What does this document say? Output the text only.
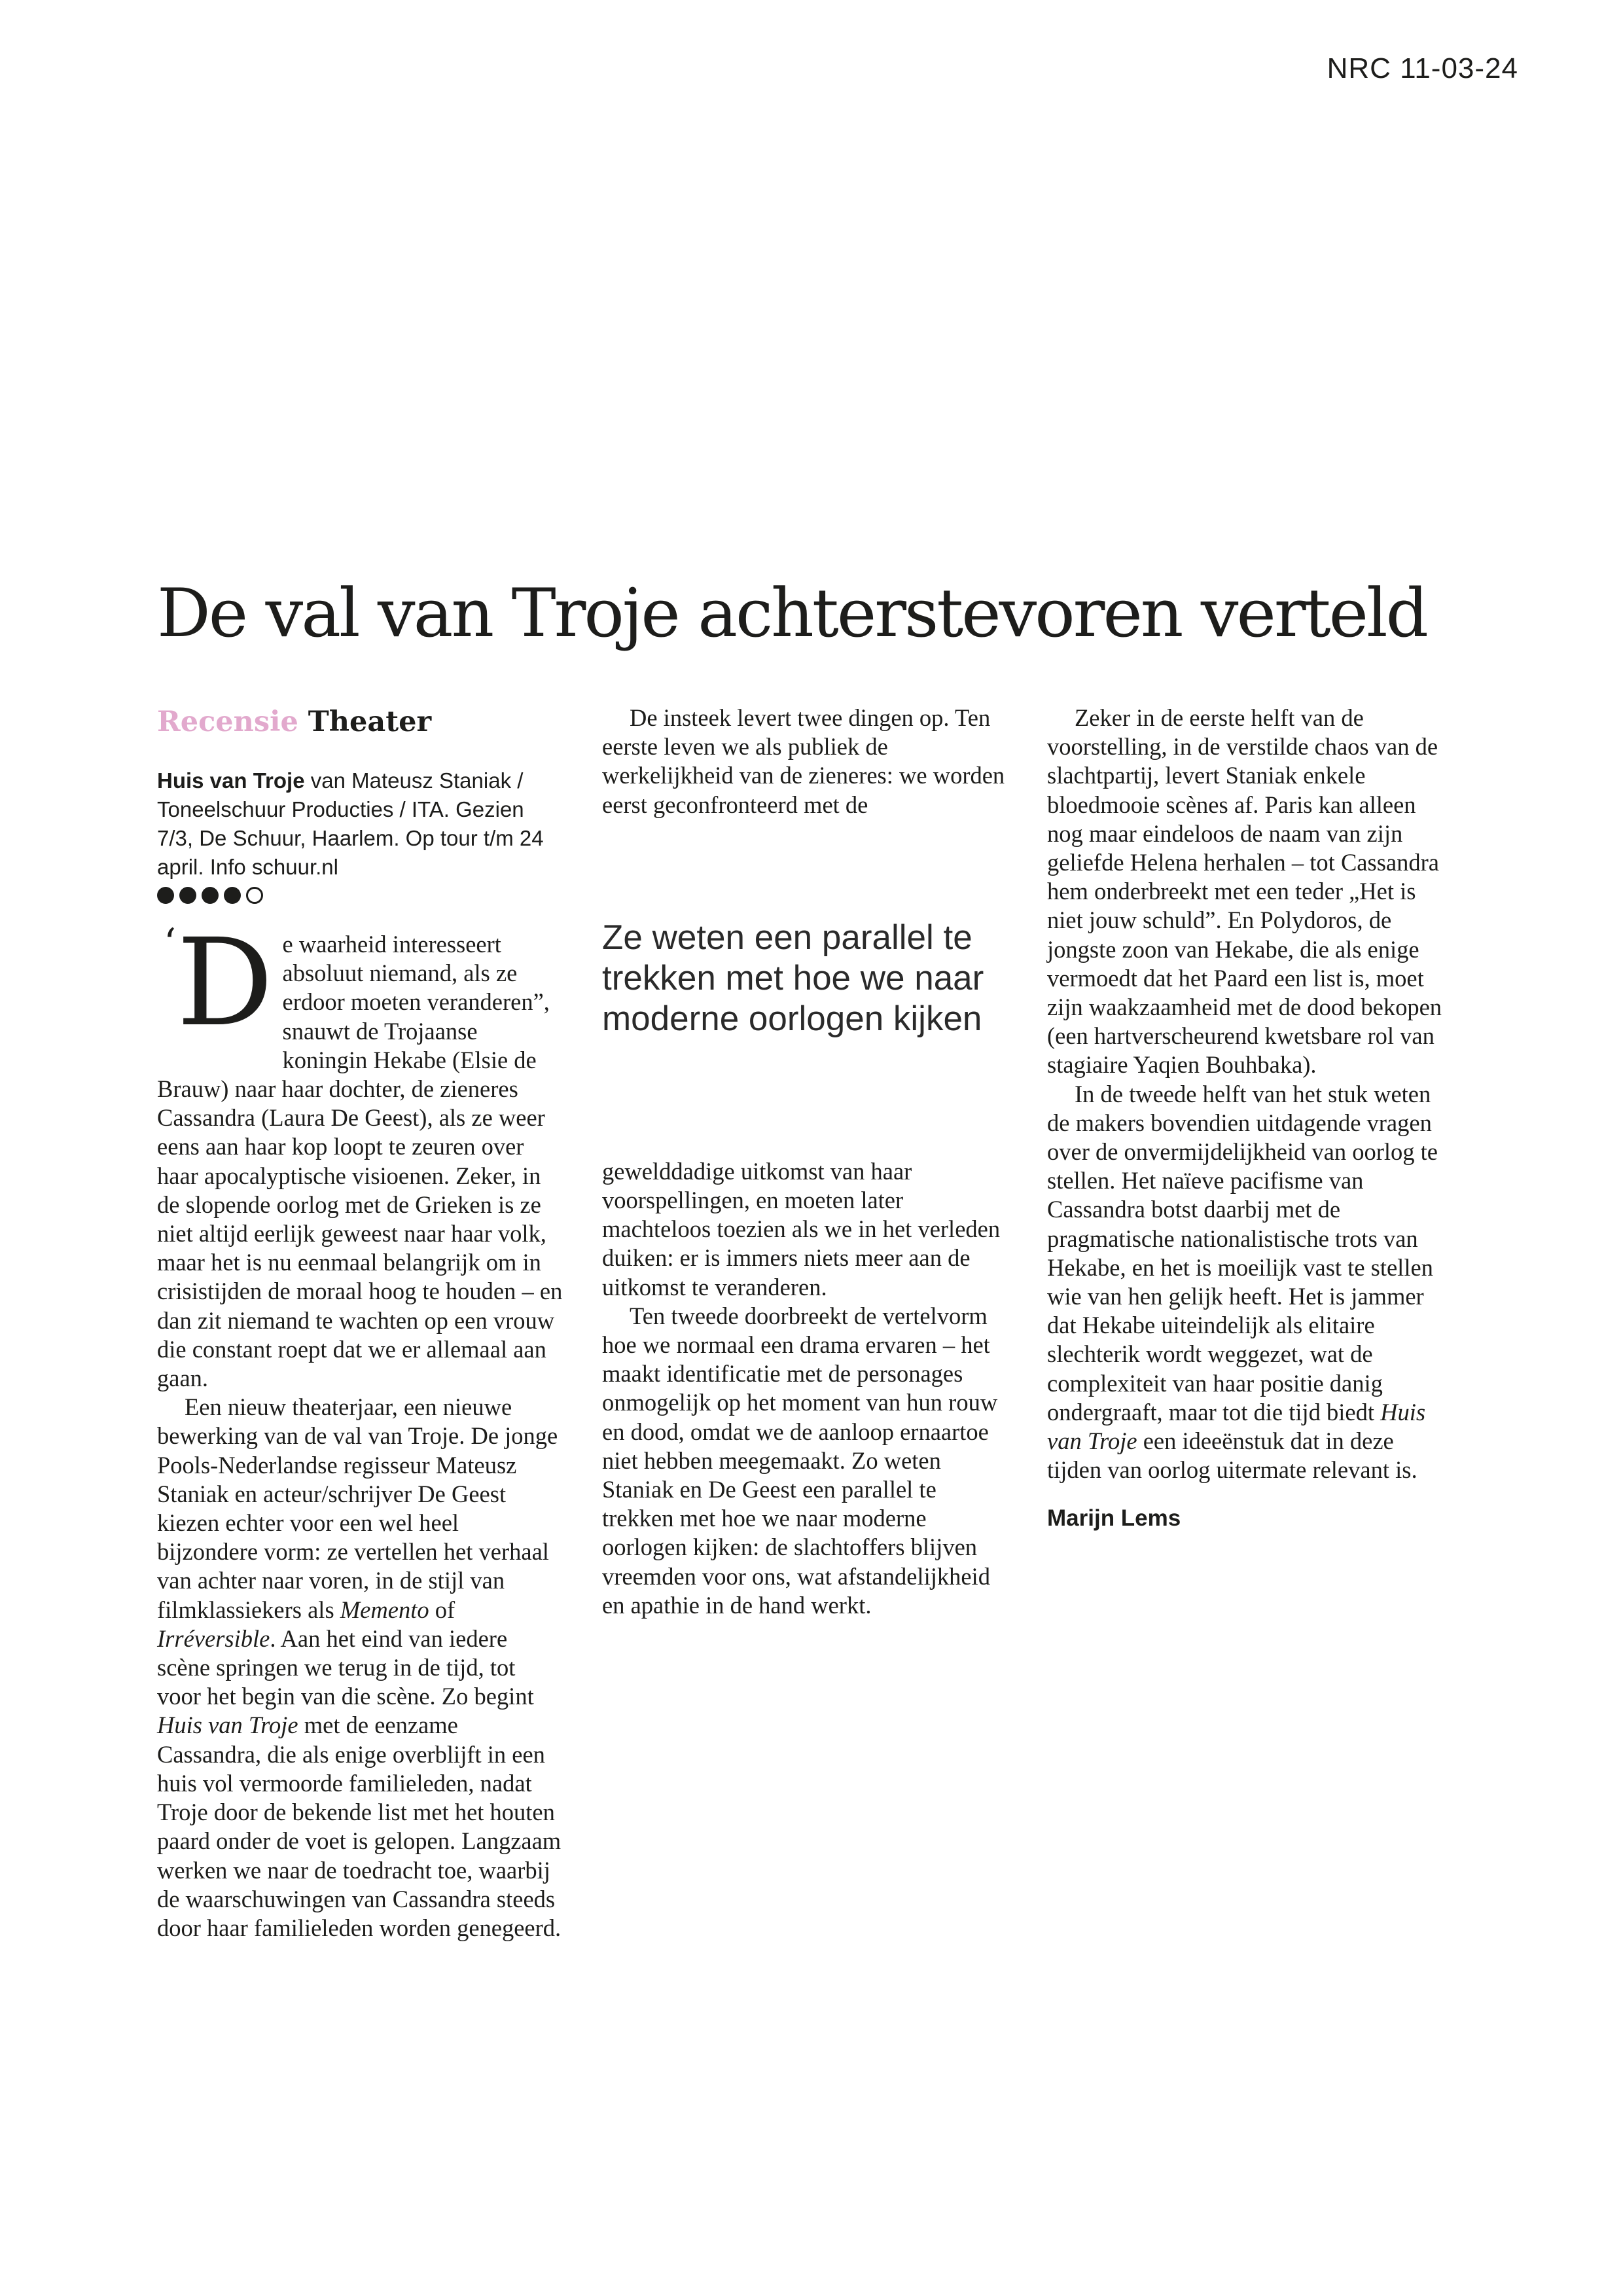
NRC 11-03-24
De val van Troje achterstevoren verteld
Recensie Theater
Huis van Troje van Mateusz Staniak / Toneelschuur Producties / ITA. Gezien 7/3, De Schuur, Haarlem. Op tour t/m 24 april. Info schuur.nl
‘ D e waarheid interesseert absoluut niemand, als ze erdoor moeten veranderen”, snauwt de Trojaanse koningin Hekabe (Elsie de Brauw) naar haar dochter, de zieneres Cassandra (Laura De Geest), als ze weer eens aan haar kop loopt te zeuren over haar apocalyptische visioenen. Zeker, in de slopende oorlog met de Grieken is ze niet altijd eerlijk geweest naar haar volk, maar het is nu eenmaal belangrijk om in crisistijden de moraal hoog te houden – en dan zit niemand te wachten op een vrouw die constant roept dat we er allemaal aan gaan.

Een nieuw theaterjaar, een nieuwe bewerking van de val van Troje. De jonge Pools-Nederlandse regisseur Mateusz Staniak en acteur/schrijver De Geest kiezen echter voor een wel heel bijzondere vorm: ze vertellen het verhaal van achter naar voren, in de stijl van filmklassiekers als Memento of Irréversible. Aan het eind van iedere scène springen we terug in de tijd, tot voor het begin van die scène. Zo begint Huis van Troje met de eenzame Cassandra, die als enige overblijft in een huis vol vermoorde familieleden, nadat Troje door de bekende list met het houten paard onder de voet is gelopen. Langzaam werken we naar de toedracht toe, waarbij de waarschuwingen van Cassandra steeds door haar familieleden worden genegeerd.

De insteek levert twee dingen op. Ten eerste leven we als publiek de werkelijkheid van de zieneres: we worden eerst geconfronteerd met de

Ze weten een parallel te trekken met hoe we naar moderne oorlogen kijken

gewelddadige uitkomst van haar voorspellingen, en moeten later machteloos toezien als we in het verleden duiken: er is immers niets meer aan de uitkomst te veranderen.

Ten tweede doorbreekt de vertelvorm hoe we normaal een drama ervaren – het maakt identificatie met de personages onmogelijk op het moment van hun rouw en dood, omdat we de aanloop ernaartoe niet hebben meegemaakt. Zo weten Staniak en De Geest een parallel te trekken met hoe we naar moderne oorlogen kijken: de slachtoffers blijven vreemden voor ons, wat afstandelijkheid en apathie in de hand werkt.

Zeker in de eerste helft van de voorstelling, in de verstilde chaos van de slachtpartij, levert Staniak enkele bloedmooie scènes af. Paris kan alleen nog maar eindeloos de naam van zijn geliefde Helena herhalen – tot Cassandra hem onderbreekt met een teder „Het is niet jouw schuld”. En Polydoros, de jongste zoon van Hekabe, die als enige vermoedt dat het Paard een list is, moet zijn waakzaamheid met de dood bekopen (een hartverscheurend kwetsbare rol van stagiaire Yaqien Bouhbaka).

In de tweede helft van het stuk weten de makers bovendien uitdagende vragen over de onvermijdelijkheid van oorlog te stellen. Het naïeve pacifisme van Cassandra botst daarbij met de pragmatische nationalistische trots van Hekabe, en het is moeilijk vast te stellen wie van hen gelijk heeft. Het is jammer dat Hekabe uiteindelijk als elitaire slechterik wordt weggezet, wat de complexiteit van haar positie danig ondergraaft, maar tot die tijd biedt Huis van Troje een ideeënstuk dat in deze tijden van oorlog uitermate relevant is.

Marijn Lems
